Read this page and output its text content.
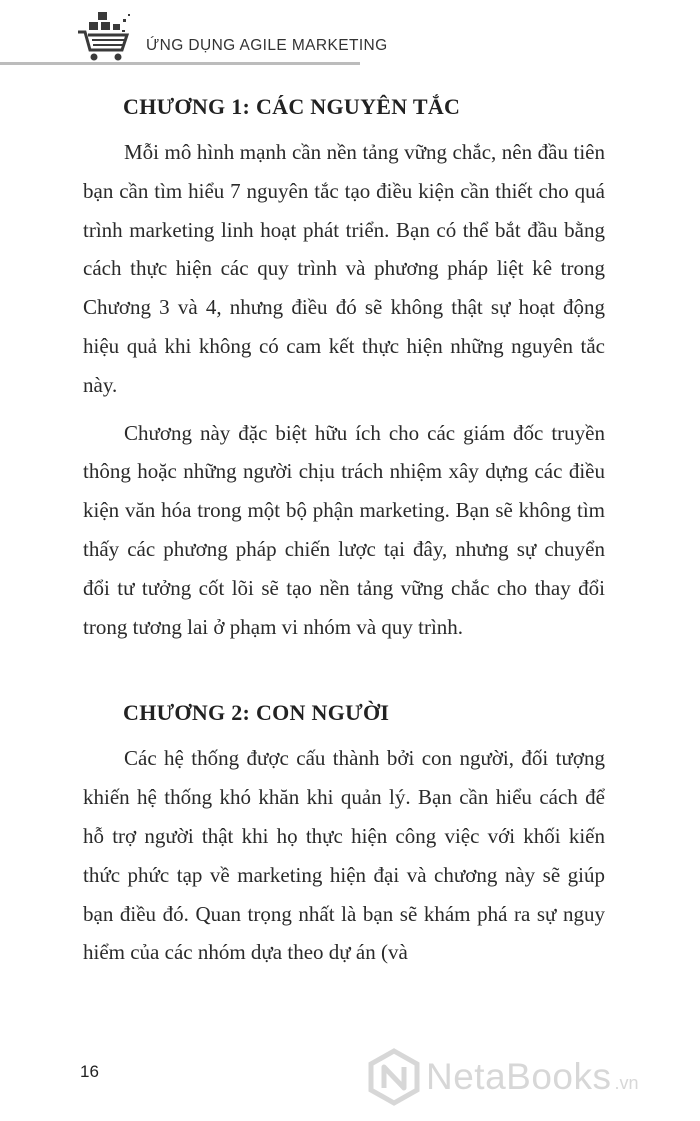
ỨNG DỤNG AGILE MARKETING
CHƯƠNG 1: CÁC NGUYÊN TẮC

Mỗi mô hình mạnh cần nền tảng vững chắc, nên đầu tiên bạn cần tìm hiểu 7 nguyên tắc tạo điều kiện cần thiết cho quá trình marketing linh hoạt phát triển. Bạn có thể bắt đầu bằng cách thực hiện các quy trình và phương pháp liệt kê trong Chương 3 và 4, nhưng điều đó sẽ không thật sự hoạt động hiệu quả khi không có cam kết thực hiện những nguyên tắc này.

Chương này đặc biệt hữu ích cho các giám đốc truyền thông hoặc những người chịu trách nhiệm xây dựng các điều kiện văn hóa trong một bộ phận marketing. Bạn sẽ không tìm thấy các phương pháp chiến lược tại đây, nhưng sự chuyển đổi tư tưởng cốt lõi sẽ tạo nền tảng vững chắc cho thay đổi trong tương lai ở phạm vi nhóm và quy trình.

CHƯƠNG 2: CON NGƯỜI

Các hệ thống được cấu thành bởi con người, đối tượng khiến hệ thống khó khăn khi quản lý. Bạn cần hiểu cách để hỗ trợ người thật khi họ thực hiện công việc với khối kiến thức phức tạp về marketing hiện đại và chương này sẽ giúp bạn điều đó. Quan trọng nhất là bạn sẽ khám phá ra sự nguy hiểm của các nhóm dựa theo dự án (và

16	NetaBooks .vn
